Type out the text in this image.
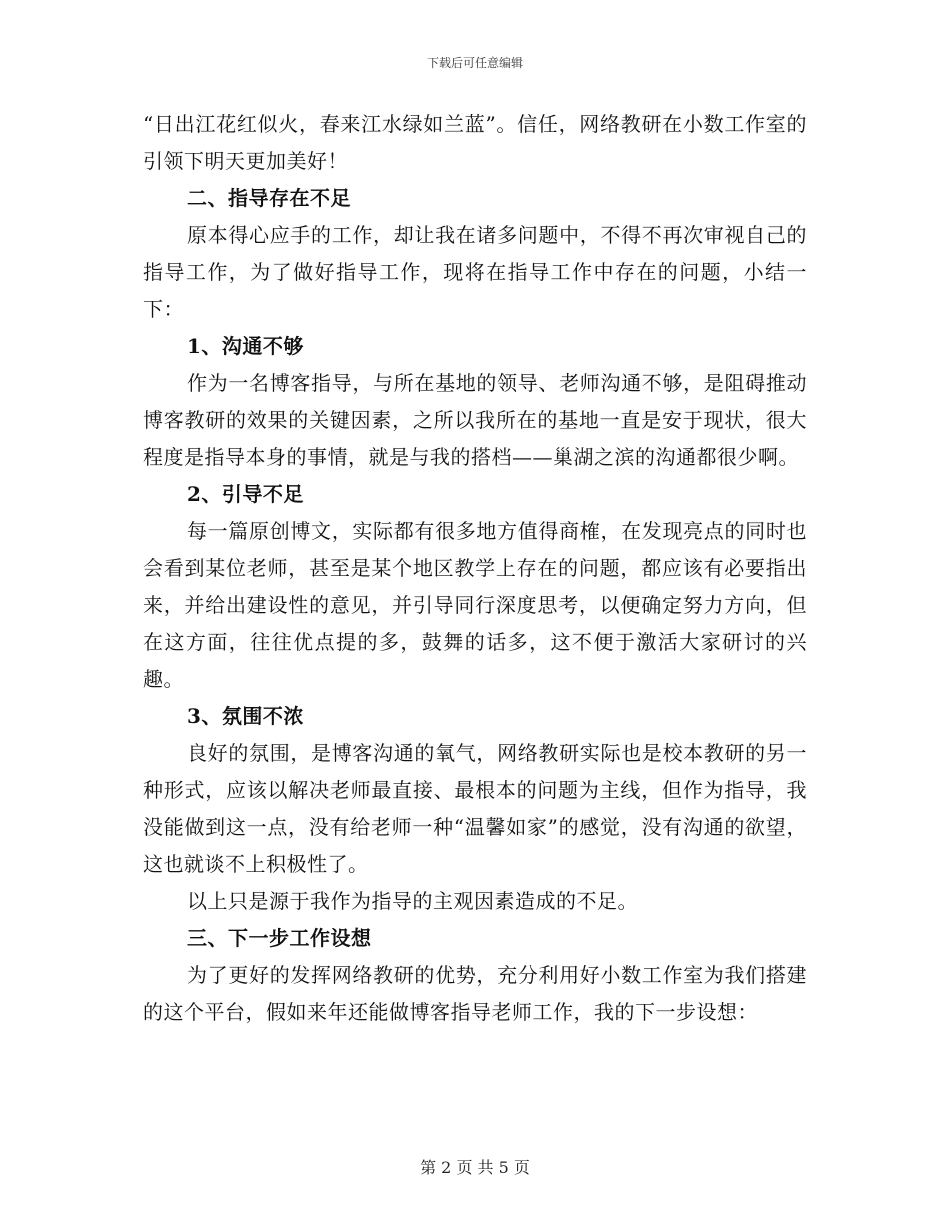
下载后可任意编辑

“日出江花红似火，春来江水绿如兰蓝”。信任，网络教研在小数工作室的引领下明天更加美好！

二、指导存在不足

原本得心应手的工作，却让我在诸多问题中，不得不再次审视自己的指导工作，为了做好指导工作，现将在指导工作中存在的问题，小结一下：

1、沟通不够

作为一名博客指导，与所在基地的领导、老师沟通不够，是阻碍推动博客教研的效果的关键因素，之所以我所在的基地一直是安于现状，很大程度是指导本身的事情，就是与我的搭档——巢湖之滨的沟通都很少啊。

2、引导不足

每一篇原创博文，实际都有很多地方值得商榷，在发现亮点的同时也会看到某位老师，甚至是某个地区教学上存在的问题，都应该有必要指出来，并给出建设性的意见，并引导同行深度思考，以便确定努力方向，但在这方面，往往优点提的多，鼓舞的话多，这不便于激活大家研讨的兴趣。

3、氛围不浓

良好的氛围，是博客沟通的氧气，网络教研实际也是校本教研的另一种形式，应该以解决老师最直接、最根本的问题为主线，但作为指导，我没能做到这一点，没有给老师一种“温馨如家”的感觉，没有沟通的欲望，这也就谈不上积极性了。

以上只是源于我作为指导的主观因素造成的不足。

三、下一步工作设想

为了更好的发挥网络教研的优势，充分利用好小数工作室为我们搭建的这个平台，假如来年还能做博客指导老师工作，我的下一步设想：

第 2 页 共 5 页
